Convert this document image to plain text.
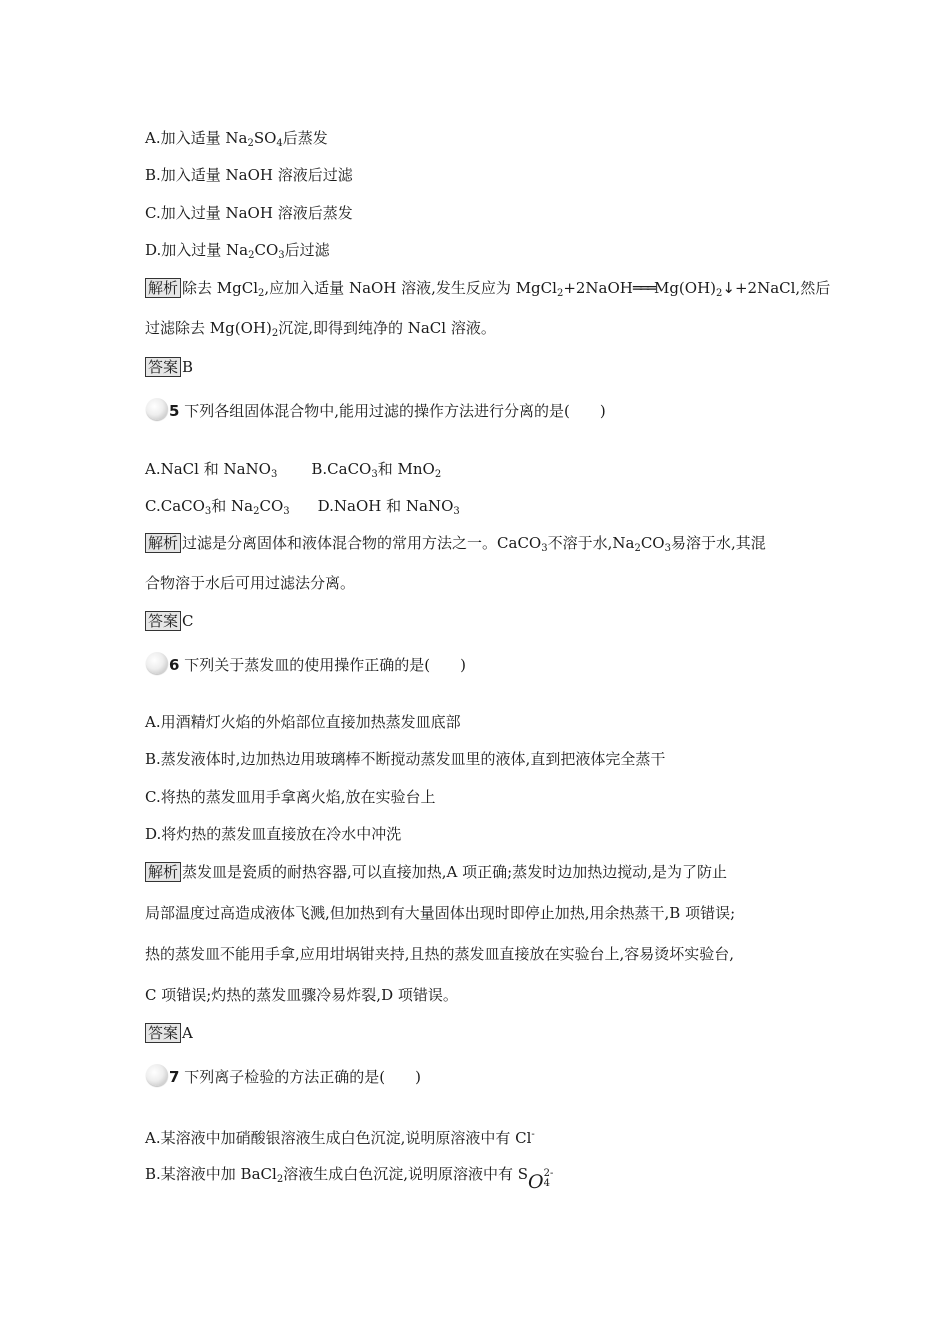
A.加入适量 $Na_2SO_4$后蒸发
B.加入适量 NaOH 溶液后过滤
C.加入过量 NaOH 溶液后蒸发
D.加入过量 $Na_2CO_3$后过滤
解析 除去 MgCl$_2$,应加入适量 NaOH 溶液,发生反应为 $MgCl_2+2NaOH═══Mg(OH)_2↓+2NaCl$,然后
过滤除去 $Mg(OH)_2$沉淀,即得到纯净的 NaCl 溶液。
答案 B
5 下列各组固体混合物中,能用过滤的操作方法进行分离的是(　　)
A.NaCl 和 NaNO$_3$ B.CaCO$_3$和 MnO$_2$
C.CaCO$_3$和 $Na_2CO_3$ D.NaOH 和 NaNO$_3$
解析 过滤是分离固体和液体混合物的常用方法之一。CaCO$_3$不溶于水$,Na_2CO_3$易溶于水,其混
合物溶于水后可用过滤法分离。
答案 C
6 下列关于蒸发皿的使用操作正确的是(　　)
A.用酒精灯火焰的外焰部位直接加热蒸发皿底部
B.蒸发液体时,边加热边用玻璃棒不断搅动蒸发皿里的液体,直到把液体完全蒸干
C.将热的蒸发皿用手拿离火焰,放在实验台上
D.将灼热的蒸发皿直接放在冷水中冲洗
解析 蒸发皿是瓷质的耐热容器,可以直接加热,A 项正确;蒸发时边加热边搅动,是为了防止
局部温度过高造成液体飞溅,但加热到有大量固体出现时即停止加热,用余热蒸干,B 项错误;
热的蒸发皿不能用手拿,应用坩埚钳夹持,且热的蒸发皿直接放在实验台上,容易烫坏实验台,
C 项错误;灼热的蒸发皿骤冷易炸裂,D 项错误。
答案 A
7 下列离子检验的方法正确的是(　　)
A.某溶液中加硝酸银溶液生成白色沉淀,说明原溶液中有 Cl-
B.某溶液中加 BaCl$_2$溶液生成白色沉淀,说明原溶液中有 SO 2-
4
